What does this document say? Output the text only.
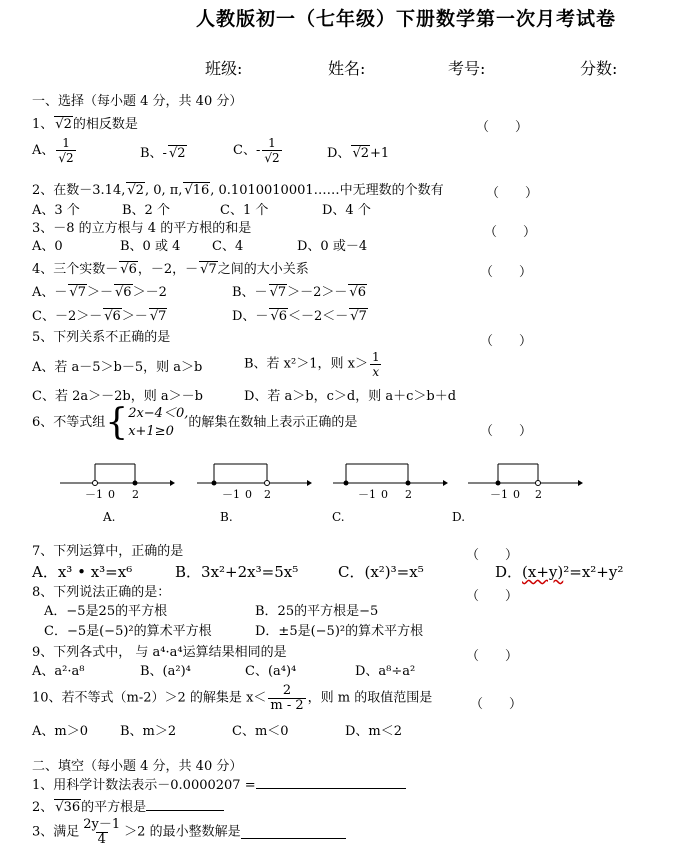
人教版初一（七年级）下册数学第一次月考试卷
班级:	姓名:	考号:	分数:
一、选择（每小题 4 分，共 40 分）
1、 √2的相反数是	（　　）
A、 $\frac{1}{√2}$	B、- √2	C、- $\frac{1}{√2}$	D、 √2+1
2、在数－3.14, √2, 0, π, √16, 0.1010010001……中无理数的个数有	（　　）
A、3 个	B、2 个	C、1 个	D、4 个
3、－8 的立方根与 4 的平方根的和是	（　　）
A、0	B、0 或 4 C、4	D、0 或－4
4、三个实数－ √6，－2，－ √7之间的大小关系	（　　）
A、－ √7＞－ √6＞－2	B、－ √7＞－2＞－ √6
C、－2＞－ √6＞－ √7	D、－ √6＜－2＜－ √7
5、下列关系不正确的是	（　　）
A、若 a－5＞b－5，则 a＞b	B、若 x²＞1，则 $x> \frac{1}{x}$
C、若 2a＞－2b，则 a＞－b	D、若 a＞b，c＞d，则 a＋c＞b＋d
6、不等式组{ 2x−4＜0,
x+1≥0
的解集在数轴上表示正确的是
（　　）
－1 0 2	－1 0 2	－1 0 2	－1 0 2
A.	B.	C.	D.
7、下列运算中，正确的是	（　　）
A．x³ • x³=x⁶	B．3x²+2x³=5x⁵	C．(x²)³=x⁵	D．(x+y)²=x²+y²
8、下列说法正确的是：	（　　）
A．−5是25的平方根	B．25的平方根是−5
C．−5是(−5)²的算术平方根	D．±5是(−5)²的算术平方根
9、下列各式中， 与 a⁴·a⁴运算结果相同的是	（　　）
A、a²·a⁸	B、(a²)⁴	C、(a⁴)⁴	D、a⁸÷a²
10、若不等式（m-2）＞2 的解集是 $x< \frac{2}{m - 2}$ ，则 m 的取值范围是	（　　）
A、m＞0 B、m＞2	C、m＜0	D、m＜2
二、填空（每小题 4 分，共 40 分）
1、用科学计数法表示－0.0000207 =
2、 √36的平方根是
3、满足 $\frac{2y-1}{4} >2$ 的最小整数解是
